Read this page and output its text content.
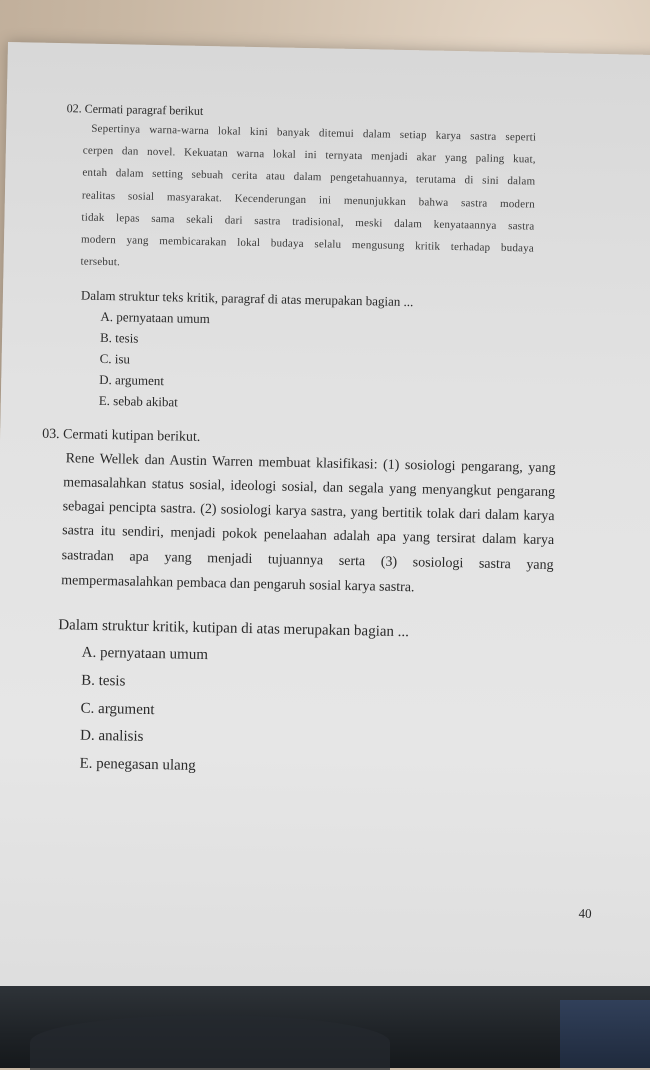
02. Cermati paragraf berikut
Sepertinya warna-warna lokal kini banyak ditemui dalam setiap karya sastra seperti
cerpen dan novel. Kekuatan warna lokal ini ternyata menjadi akar yang paling kuat,
entah dalam setting sebuah cerita atau dalam pengetahuannya, terutama di sini dalam
realitas sosial masyarakat. Kecenderungan ini menunjukkan bahwa sastra modern
tidak lepas sama sekali dari sastra tradisional, meski dalam kenyataannya sastra
modern yang membicarakan lokal budaya selalu mengusung kritik terhadap budaya
tersebut.
Dalam struktur teks kritik, paragraf di atas merupakan bagian ...
A. pernyataan umum
B. tesis
C. isu
D. argument
E. sebab akibat
03. Cermati kutipan berikut.
Rene Wellek dan Austin Warren membuat klasifikasi: (1) sosiologi pengarang, yang
memasalahkan status sosial, ideologi sosial, dan segala yang menyangkut pengarang
sebagai pencipta sastra. (2) sosiologi karya sastra, yang bertitik tolak dari dalam karya
sastra itu sendiri, menjadi pokok penelaahan adalah apa yang tersirat dalam karya
sastradan apa yang menjadi tujuannya serta (3) sosiologi sastra yang
mempermasalahkan pembaca dan pengaruh sosial karya sastra.
Dalam struktur kritik, kutipan di atas merupakan bagian ...
A. pernyataan umum
B. tesis
C. argument
D. analisis
E. penegasan ulang
40
